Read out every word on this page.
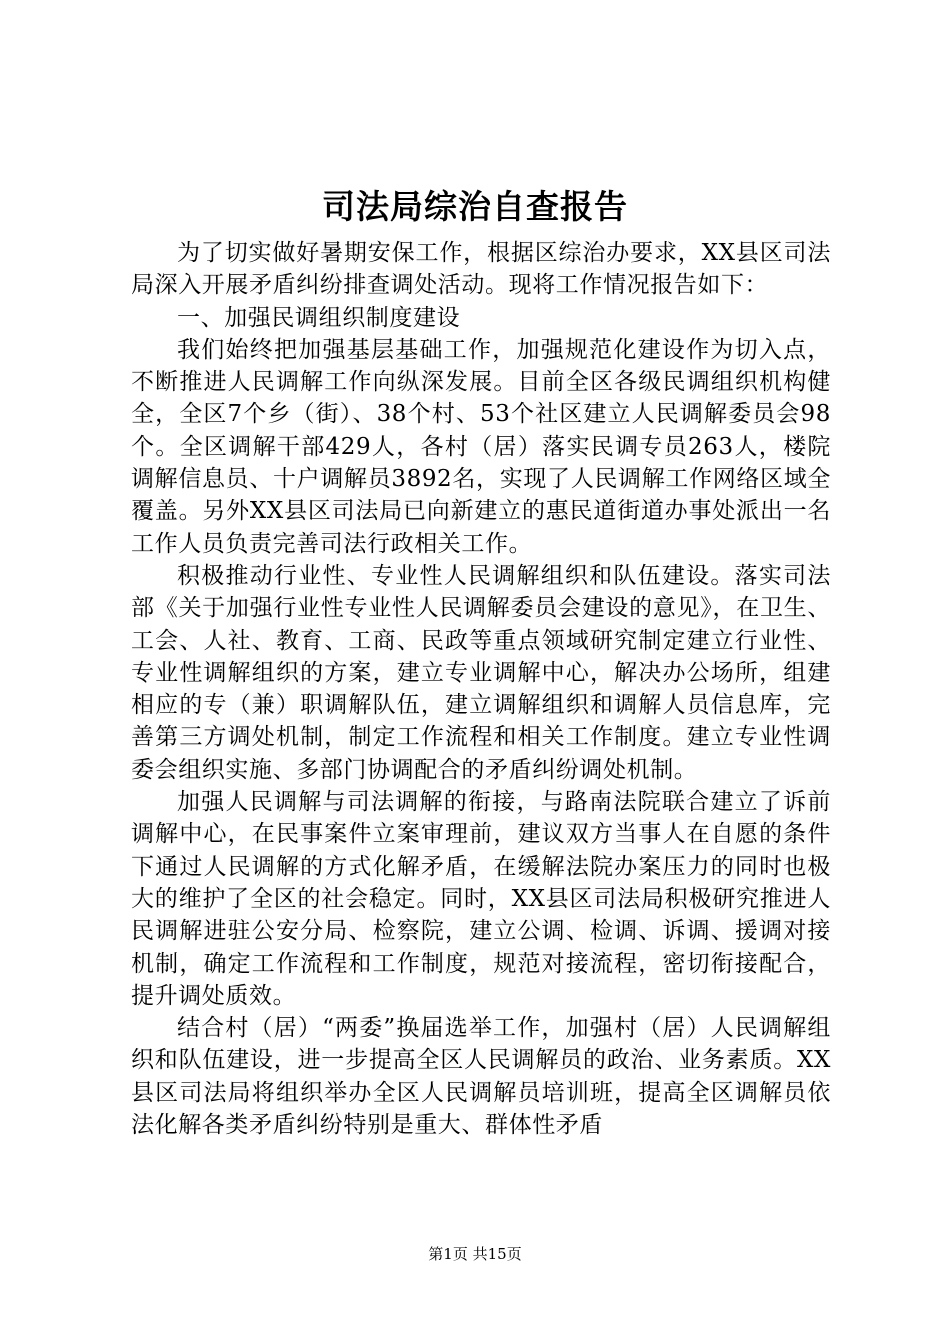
司法局综治自查报告

为了切实做好暑期安保工作，根据区综治办要求，XX县区司法局深入开展矛盾纠纷排查调处活动。现将工作情况报告如下：

一、加强民调组织制度建设

我们始终把加强基层基础工作，加强规范化建设作为切入点，不断推进人民调解工作向纵深发展。目前全区各级民调组织机构健全，全区7个乡（街）、38个村、53个社区建立人民调解委员会98个。全区调解干部429人，各村（居）落实民调专员263人，楼院调解信息员、十户调解员3892名，实现了人民调解工作网络区域全覆盖。另外XX县区司法局已向新建立的惠民道街道办事处派出一名工作人员负责完善司法行政相关工作。

积极推动行业性、专业性人民调解组织和队伍建设。落实司法部《关于加强行业性专业性人民调解委员会建设的意见》，在卫生、工会、人社、教育、工商、民政等重点领域研究制定建立行业性、专业性调解组织的方案，建立专业调解中心，解决办公场所，组建相应的专（兼）职调解队伍，建立调解组织和调解人员信息库，完善第三方调处机制，制定工作流程和相关工作制度。建立专业性调委会组织实施、多部门协调配合的矛盾纠纷调处机制。

加强人民调解与司法调解的衔接，与路南法院联合建立了诉前调解中心，在民事案件立案审理前，建议双方当事人在自愿的条件下通过人民调解的方式化解矛盾，在缓解法院办案压力的同时也极大的维护了全区的社会稳定。同时，XX县区司法局积极研究推进人民调解进驻公安分局、检察院，建立公调、检调、诉调、援调对接机制，确定工作流程和工作制度，规范对接流程，密切衔接配合，提升调处质效。

结合村（居）“两委”换届选举工作，加强村（居）人民调解组织和队伍建设，进一步提高全区人民调解员的政治、业务素质。XX县区司法局将组织举办全区人民调解员培训班，提高全区调解员依法化解各类矛盾纠纷特别是重大、群体性矛盾

第1页 共15页
